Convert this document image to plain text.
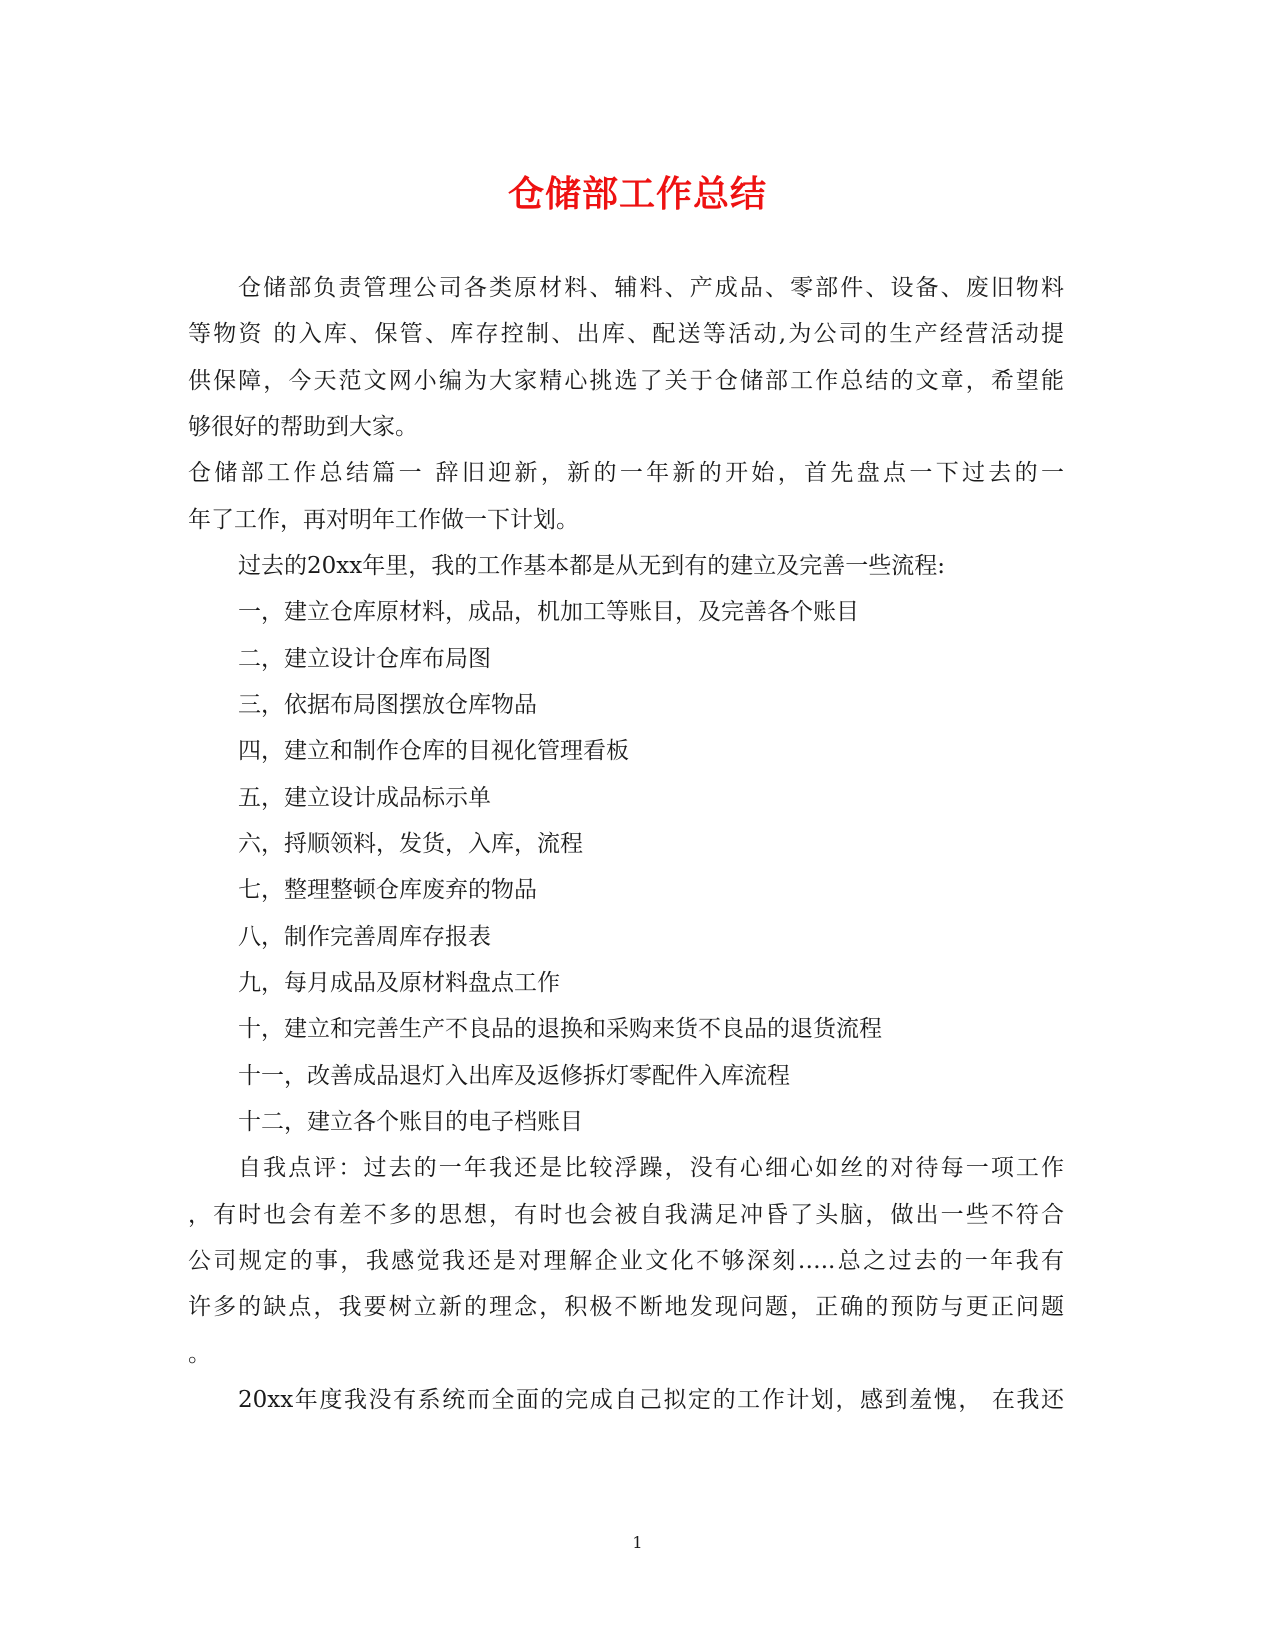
仓储部工作总结
仓储部负责管理公司各类原材料、辅料、产成品、零部件、设备、废旧物料
等物资 的入库、保管、库存控制、出库、配送等活动,为公司的生产经营活动提
供保障，今天范文网小编为大家精心挑选了关于仓储部工作总结的文章，希望能
够很好的帮助到大家。
仓储部工作总结篇一 辞旧迎新，新的一年新的开始，首先盘点一下过去的一
年了工作，再对明年工作做一下计划。
过去的20xx年里，我的工作基本都是从无到有的建立及完善一些流程:
一，建立仓库原材料，成品，机加工等账目，及完善各个账目
二，建立设计仓库布局图
三，依据布局图摆放仓库物品
四，建立和制作仓库的目视化管理看板
五，建立设计成品标示单
六，捋顺领料，发货，入库，流程
七，整理整顿仓库废弃的物品
八，制作完善周库存报表
九，每月成品及原材料盘点工作
十，建立和完善生产不良品的退换和采购来货不良品的退货流程
十一，改善成品退灯入出库及返修拆灯零配件入库流程
十二，建立各个账目的电子档账目
自我点评：过去的一年我还是比较浮躁，没有心细心如丝的对待每一项工作
，有时也会有差不多的思想，有时也会被自我满足冲昏了头脑，做出一些不符合
公司规定的事，我感觉我还是对理解企业文化不够深刻…..总之过去的一年我有
许多的缺点，我要树立新的理念，积极不断地发现问题，正确的预防与更正问题
。
20xx年度我没有系统而全面的完成自己拟定的工作计划，感到羞愧， 在我还
1
